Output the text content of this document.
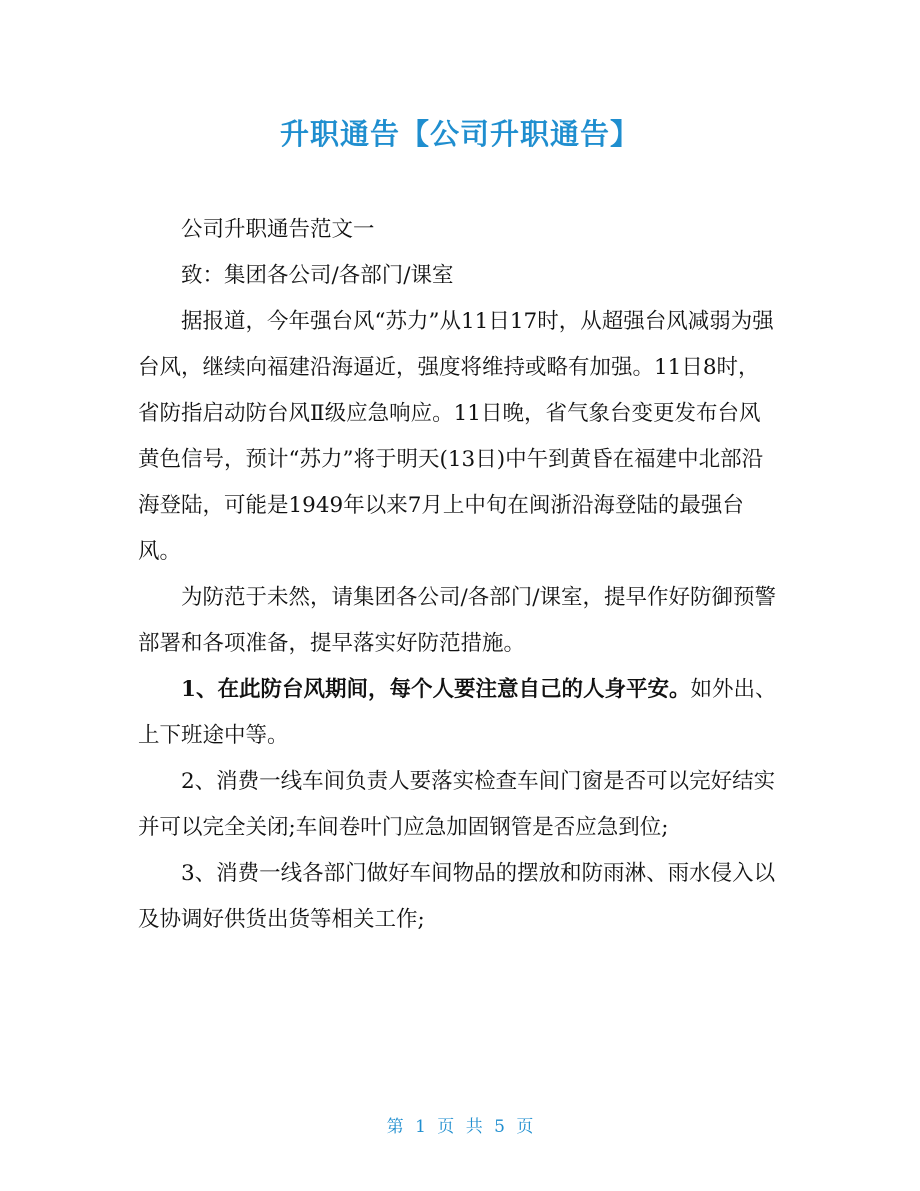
升职通告【公司升职通告】

公司升职通告范文一

致：集团各公司/各部门/课室

据报道，今年强台风“苏力”从11日17时，从超强台风减弱为强台风，继续向福建沿海逼近，强度将维持或略有加强。11日8时，省防指启动防台风Ⅱ级应急响应。11日晚，省气象台变更发布台风黄色信号，预计“苏力”将于明天(13日)中午到黄昏在福建中北部沿海登陆，可能是1949年以来7月上中旬在闽浙沿海登陆的最强台风。

为防范于未然，请集团各公司/各部门/课室，提早作好防御预警部署和各项准备，提早落实好防范措施。

1、在此防台风期间，每个人要注意自己的人身平安。如外出、上下班途中等。

2、消费一线车间负责人要落实检查车间门窗是否可以完好结实并可以完全关闭;车间卷叶门应急加固钢管是否应急到位;

3、消费一线各部门做好车间物品的摆放和防雨淋、雨水侵入以及协调好供货出货等相关工作;

第 1 页 共 5 页
